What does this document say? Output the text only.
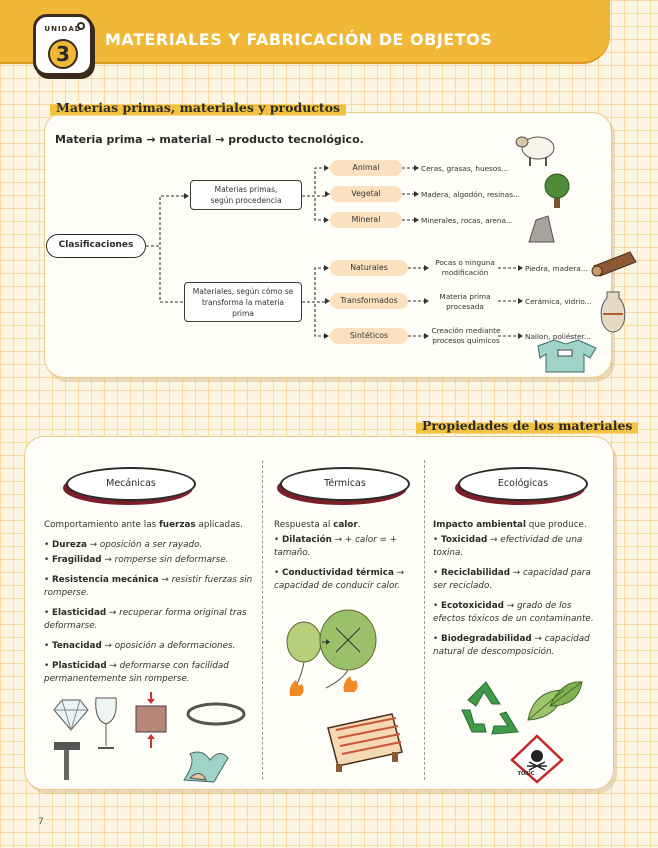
UNIDAD
3
MATERIALES Y FABRICACIÓN DE OBJETOS
Materias primas, materiales y productos
Materia prima → material → producto tecnológico.
Clasificaciones
Materias primas, según procedencia
Materiales, según cómo se transforma la materia prima
Animal
Vegetal
Mineral
Ceras, grasas, huesos...
Madera, algodón, resinas...
Minerales, rocas, arena...
Naturales
Transformados
Sintéticos
Pocas o ninguna modificación
Materia prima procesada
Creación mediante procesos químicos
Piedra, madera...
Cerámica, vidrio...
Nailon, poliéster...
Propiedades de los materiales
Mecánicas	Térmicas	Ecológicas

Comportamiento ante las fuerzas aplicadas.

• Dureza → oposición a ser rayado.

• Fragilidad → romperse sin deformarse.

• Resistencia mecánica → resistir fuerzas sin romperse.

• Elasticidad → recuperar forma original tras deformarse.

• Tenacidad → oposición a deformaciones.

• Plasticidad → deformarse con facilidad permanentemente sin romperse.

Respuesta al calor.

• Dilatación → + calor = + tamaño.

• Conductividad térmica → capacidad de conducir calor.

Impacto ambiental que produce.

• Toxicidad → efectividad de una toxina.

• Reciclabilidad → capacidad para ser reciclado.

• Ecotoxicidad → grado de los efectos tóxicos de un contaminante.

• Biodegradabilidad → capacidad natural de descomposición.

TOXIC
7
